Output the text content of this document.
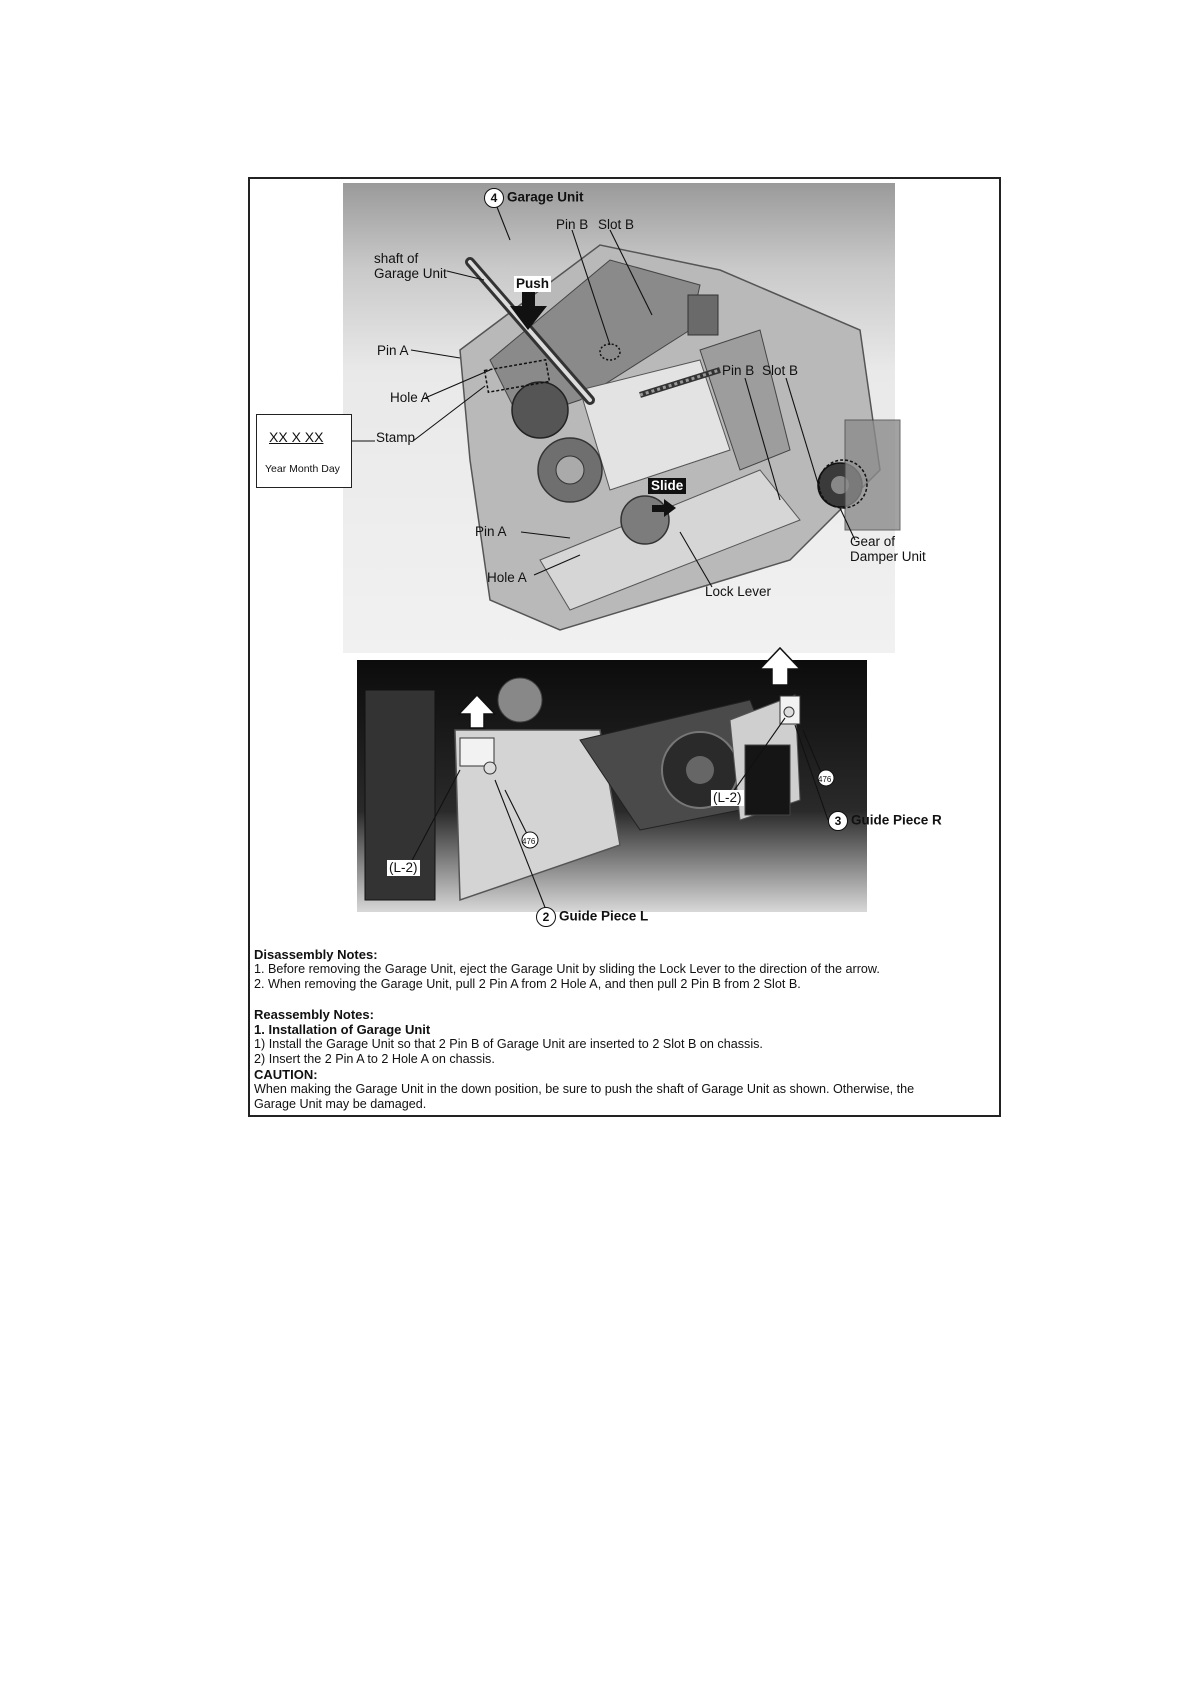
4 Garage Unit
Pin B Slot B
shaft of
Garage Unit
Push
Pin A
Hole A
Stamp
Pin B Slot B
Slide
Pin A
Hole A
Lock Lever
Gear of
Damper Unit
XX X XX
Year Month Day
(L-2)
(L-2)
476
476
3 Guide Piece R
2 Guide Piece L

Disassembly Notes:

1. Before removing the Garage Unit, eject the Garage Unit by sliding the Lock Lever to the direction of the arrow.

2. When removing the Garage Unit, pull 2 Pin A from 2 Hole A, and then pull 2 Pin B from 2 Slot B.

Reassembly Notes:

1. Installation of Garage Unit

1) Install the Garage Unit so that 2 Pin B of Garage Unit are inserted to 2 Slot B on chassis.

2) Insert the 2 Pin A to 2 Hole A on chassis.

CAUTION:

When making the Garage Unit in the down position, be sure to push the shaft of Garage Unit as shown. Otherwise, the

Garage Unit may be damaged.
